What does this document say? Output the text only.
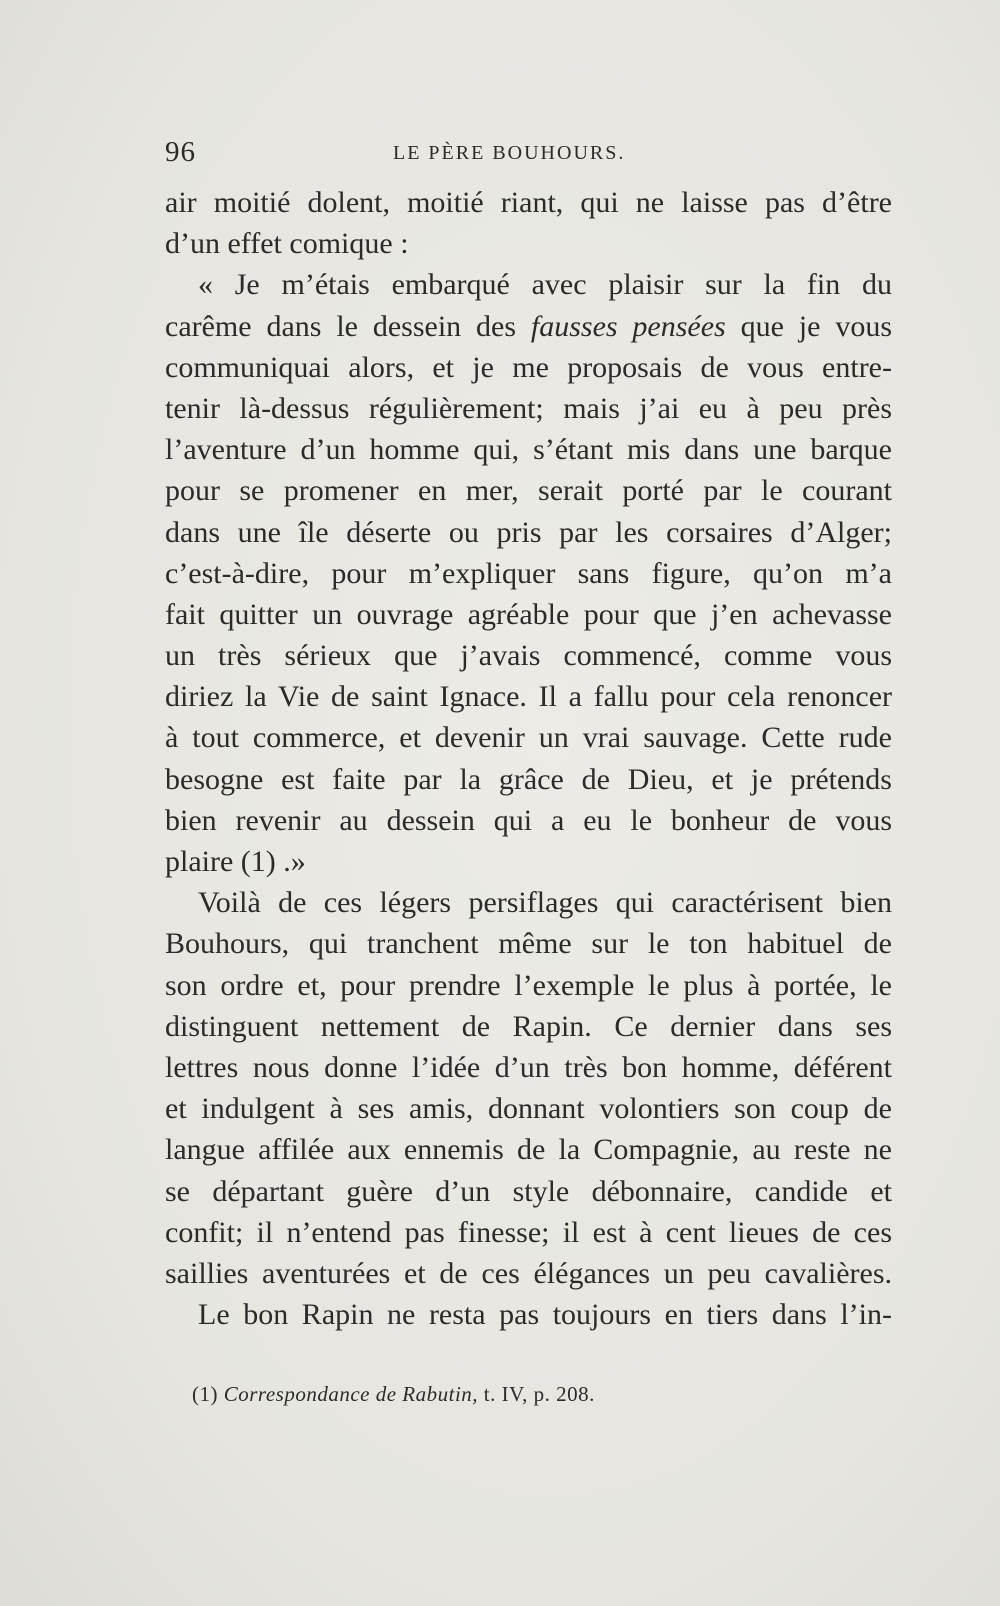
96	LE PÈRE BOUHOURS.
air moitié dolent, moitié riant, qui ne laisse pas d’être
d’un effet comique :
« Je m’étais embarqué avec plaisir sur la fin du
carême dans le dessein des fausses pensées que je vous
communiquai alors, et je me proposais de vous entre-
tenir là-dessus régulièrement; mais j’ai eu à peu près
l’aventure d’un homme qui, s’étant mis dans une barque
pour se promener en mer, serait porté par le courant
dans une île déserte ou pris par les corsaires d’Alger;
c’est-à-dire, pour m’expliquer sans figure, qu’on m’a
fait quitter un ouvrage agréable pour que j’en achevasse
un très sérieux que j’avais commencé, comme vous
diriez la Vie de saint Ignace. Il a fallu pour cela renoncer
à tout commerce, et devenir un vrai sauvage. Cette rude
besogne est faite par la grâce de Dieu, et je prétends
bien revenir au dessein qui a eu le bonheur de vous
plaire (1) .»
Voilà de ces légers persiflages qui caractérisent bien
Bouhours, qui tranchent même sur le ton habituel de
son ordre et, pour prendre l’exemple le plus à portée, le
distinguent nettement de Rapin. Ce dernier dans ses
lettres nous donne l’idée d’un très bon homme, déférent
et indulgent à ses amis, donnant volontiers son coup de
langue affilée aux ennemis de la Compagnie, au reste ne
se départant guère d’un style débonnaire, candide et
confit; il n’entend pas finesse; il est à cent lieues de ces
saillies aventurées et de ces élégances un peu cavalières.
Le bon Rapin ne resta pas toujours en tiers dans l’in-
(1) Correspondance de Rabutin, t. IV, p. 208.
